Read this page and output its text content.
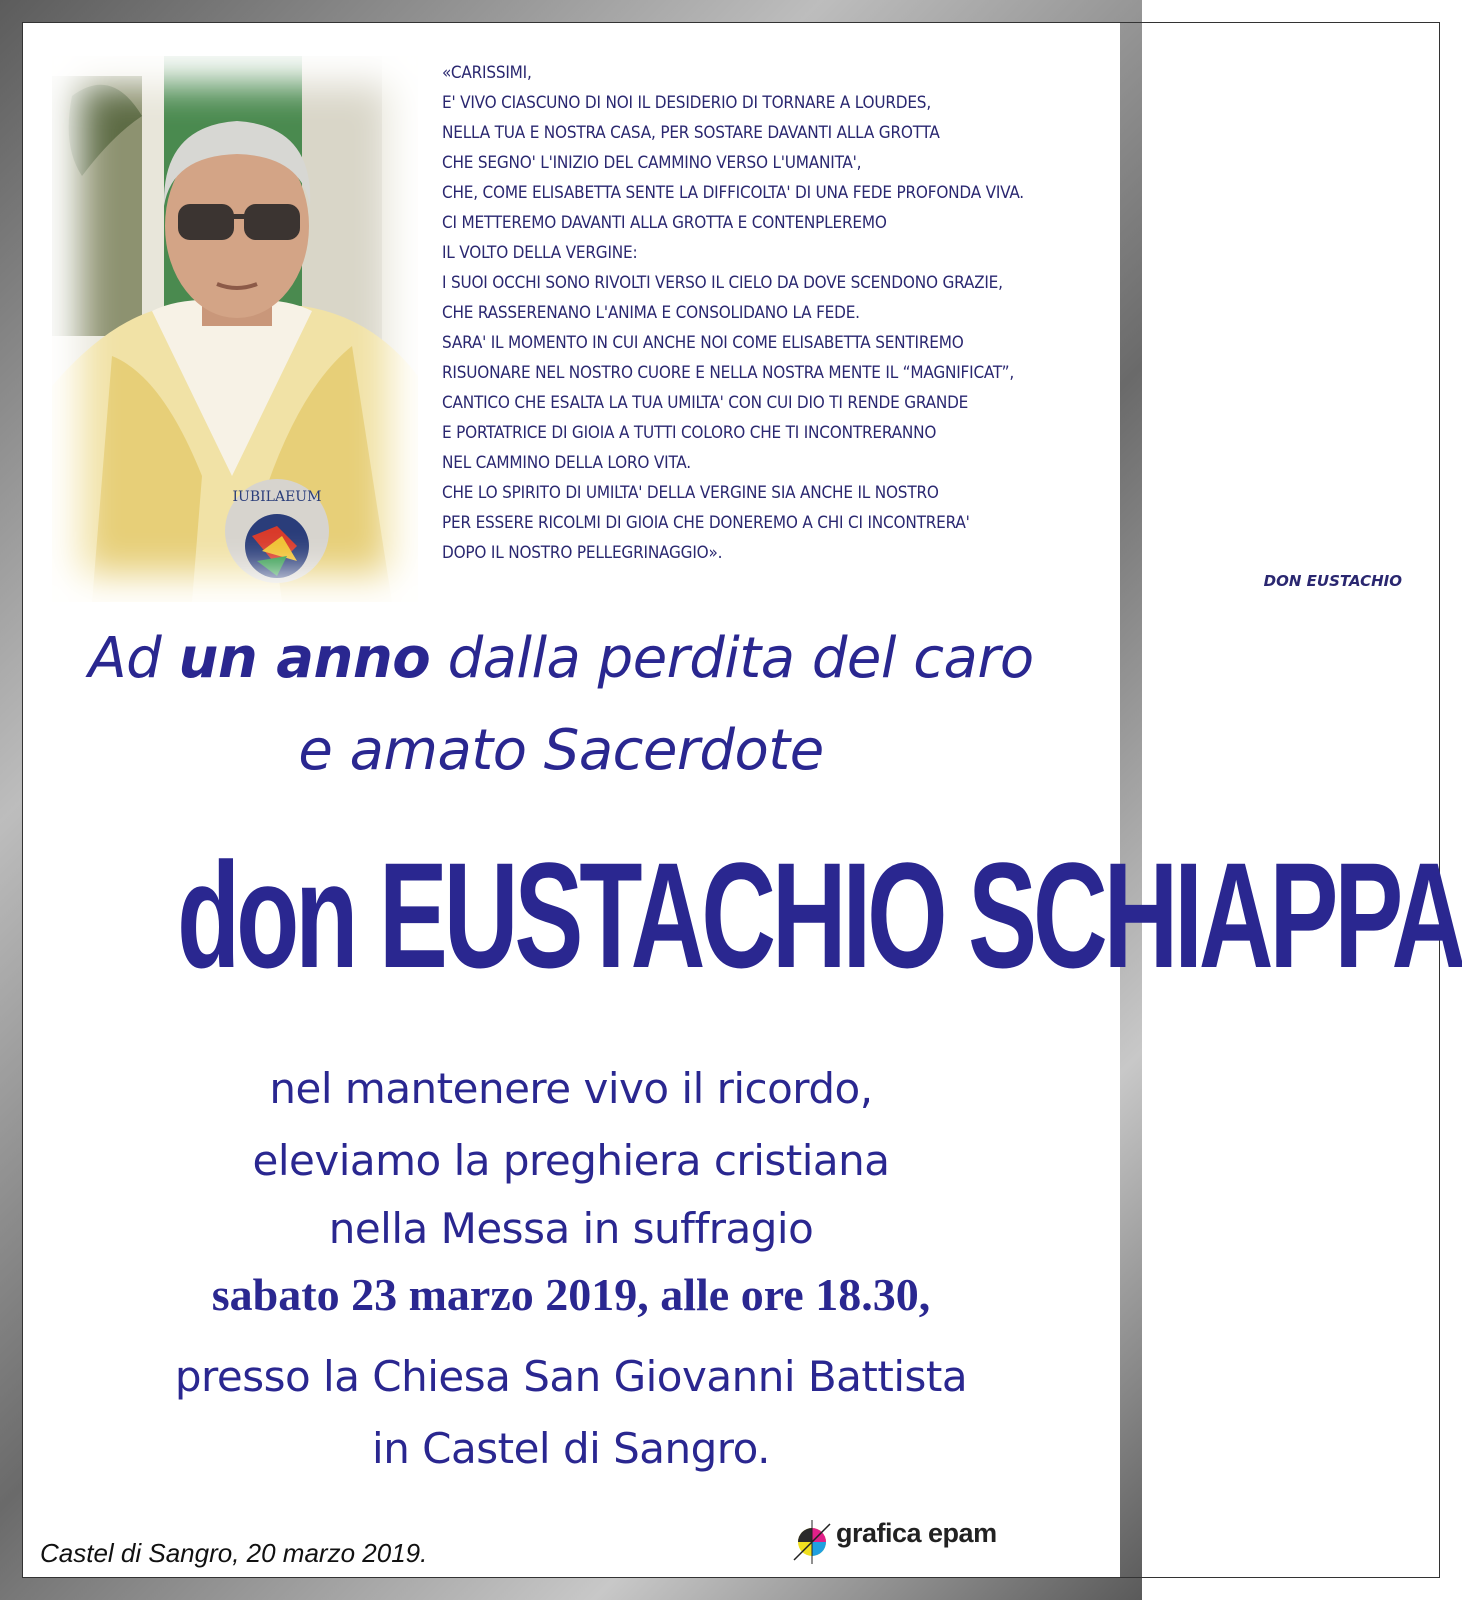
IUBILAEUM
«CARISSIMI,
E' VIVO CIASCUNO DI NOI IL DESIDERIO DI TORNARE A LOURDES,
NELLA TUA E NOSTRA CASA, PER SOSTARE DAVANTI ALLA GROTTA
CHE SEGNO' L'INIZIO DEL CAMMINO VERSO L'UMANITA',
CHE, COME ELISABETTA SENTE LA DIFFICOLTA' DI UNA FEDE PROFONDA VIVA.
CI METTEREMO DAVANTI ALLA GROTTA E CONTENPLEREMO
IL VOLTO DELLA VERGINE:
I SUOI OCCHI SONO RIVOLTI VERSO IL CIELO DA DOVE SCENDONO GRAZIE,
CHE RASSERENANO L'ANIMA E CONSOLIDANO LA FEDE.
SARA' IL MOMENTO IN CUI ANCHE NOI COME ELISABETTA SENTIREMO
RISUONARE NEL NOSTRO CUORE E NELLA NOSTRA MENTE IL “MAGNIFICAT”,
CANTICO CHE ESALTA LA TUA UMILTA' CON CUI DIO TI RENDE GRANDE
E PORTATRICE DI GIOIA A TUTTI COLORO CHE TI INCONTRERANNO
NEL CAMMINO DELLA LORO VITA.
CHE LO SPIRITO DI UMILTA' DELLA VERGINE SIA ANCHE IL NOSTRO
PER ESSERE RICOLMI DI GIOIA CHE DONEREMO A CHI CI INCONTRERA'
DOPO IL NOSTRO PELLEGRINAGGIO».
DON EUSTACHIO
Ad un anno dalla perdita del caro
e amato Sacerdote
don EUSTACHIO SCHIAPPA
nel mantenere vivo il ricordo,
eleviamo la preghiera cristiana
nella Messa in suffragio
sabato 23 marzo 2019, alle ore 18.30,
presso la Chiesa San Giovanni Battista
in Castel di Sangro.
Castel di Sangro, 20 marzo 2019.
grafica epam
